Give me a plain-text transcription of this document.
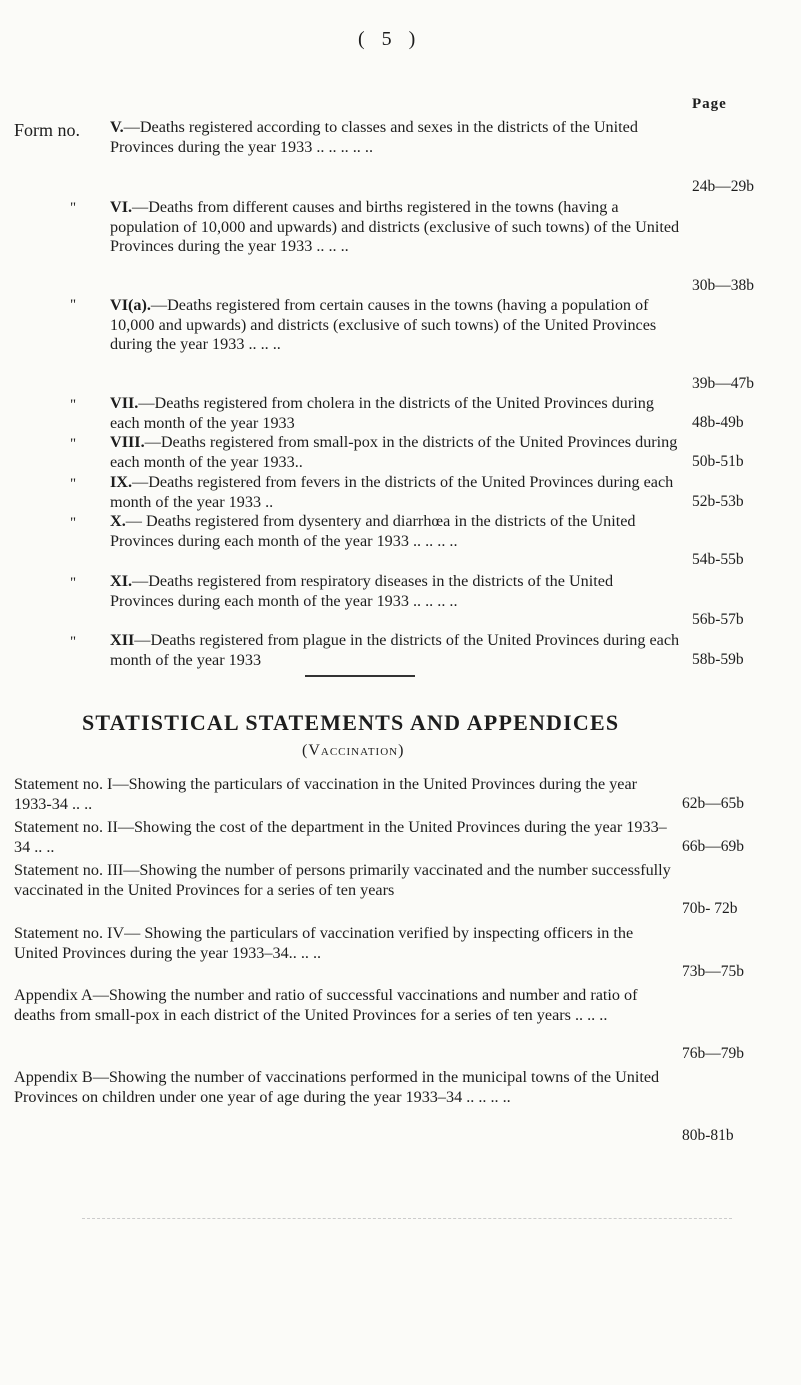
( 5 )
Page
Form no. V.—Deaths registered according to classes and sexes in the districts of the United Provinces during the year 1933 .. .. .. .. ..
24b—29b
" VI.—Deaths from different causes and births registered in the towns (having a population of 10,000 and upwards) and districts (exclusive of such towns) of the United Provinces during the year 1933 .. .. ..
30b—38b
" VI(a).—Deaths registered from certain causes in the towns (having a population of 10,000 and upwards) and districts (exclusive of such towns) of the United Provinces during the year 1933 .. .. ..
39b—47b
" VII.—Deaths registered from cholera in the districts of the United Provinces during each month of the year 1933	48b-49b
" VIII.—Deaths registered from small-pox in the districts of the United Provinces during each month of the year 1933..	50b-51b
" IX.—Deaths registered from fevers in the districts of the United Provinces during each month of the year 1933 ..	52b-53b
" X.— Deaths registered from dysentery and diarrhœa in the districts of the United Provinces during each month of the year 1933 .. .. .. ..
54b-55b
" XI.—Deaths registered from respiratory diseases in the districts of the United Provinces during each month of the year 1933 .. .. .. ..
56b-57b
" XII—Deaths registered from plague in the districts of the United Provinces during each month of the year 1933	58b-59b
STATISTICAL STATEMENTS AND APPENDICES
(Vaccination)
Statement no. I—Showing the particulars of vaccination in the United Provinces during the year 1933-34 .. ..	62b—65b
Statement no. II—Showing the cost of the department in the United Provinces during the year 1933–34 .. ..	66b—69b
Statement no. III—Showing the number of persons primarily vaccinated and the number successfully vaccinated in the United Provinces for a series of ten years
70b- 72b
Statement no. IV— Showing the particulars of vaccination verified by inspecting officers in the United Provinces during the year 1933–34.. .. ..
73b—75b
Appendix A—Showing the number and ratio of successful vaccinations and number and ratio of deaths from small-pox in each district of the United Provinces for a series of ten years .. .. ..
76b—79b
Appendix B—Showing the number of vaccinations performed in the municipal towns of the United Provinces on children under one year of age during the year 1933–34 .. .. .. ..
80b-81b
